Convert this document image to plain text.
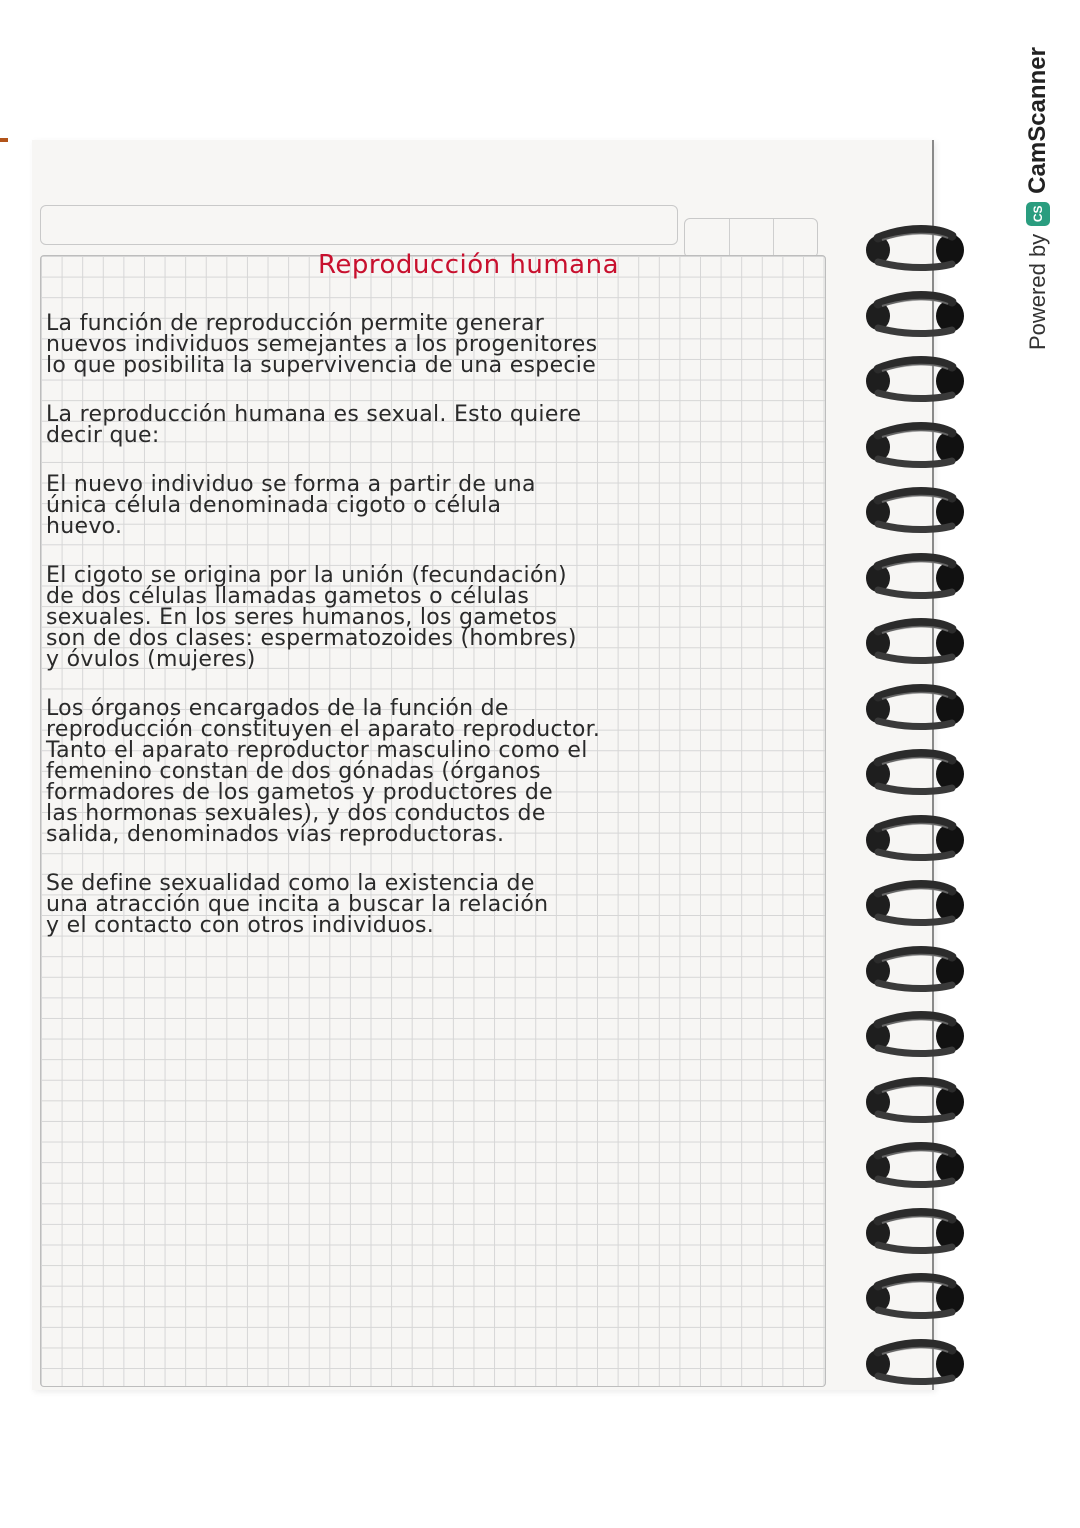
Reproducción humana
La función de reproducción permite generar
nuevos individuos semejantes a los progenitores
lo que posibilita la supervivencia de una especie
La reproducción humana es sexual. Esto quiere
decir que:
El nuevo individuo se forma a partir de una
única célula denominada cigoto o célula
huevo.
El cigoto se origina por la unión (fecundación)
de dos células llamadas gametos o células
sexuales. En los seres humanos, los gametos
son de dos clases: espermatozoides (hombres)
y óvulos (mujeres)
Los órganos encargados de la función de
reproducción constituyen el aparato reproductor.
Tanto el aparato reproductor masculino como el
femenino constan de dos gónadas (órganos
formadores de los gametos y productores de
las hormonas sexuales), y dos conductos de
salida, denominados vías reproductoras.
Se define sexualidad como la existencia de
una atracción que incita a buscar la relación
y el contacto con otros individuos.
Powered by
CS
CamScanner
